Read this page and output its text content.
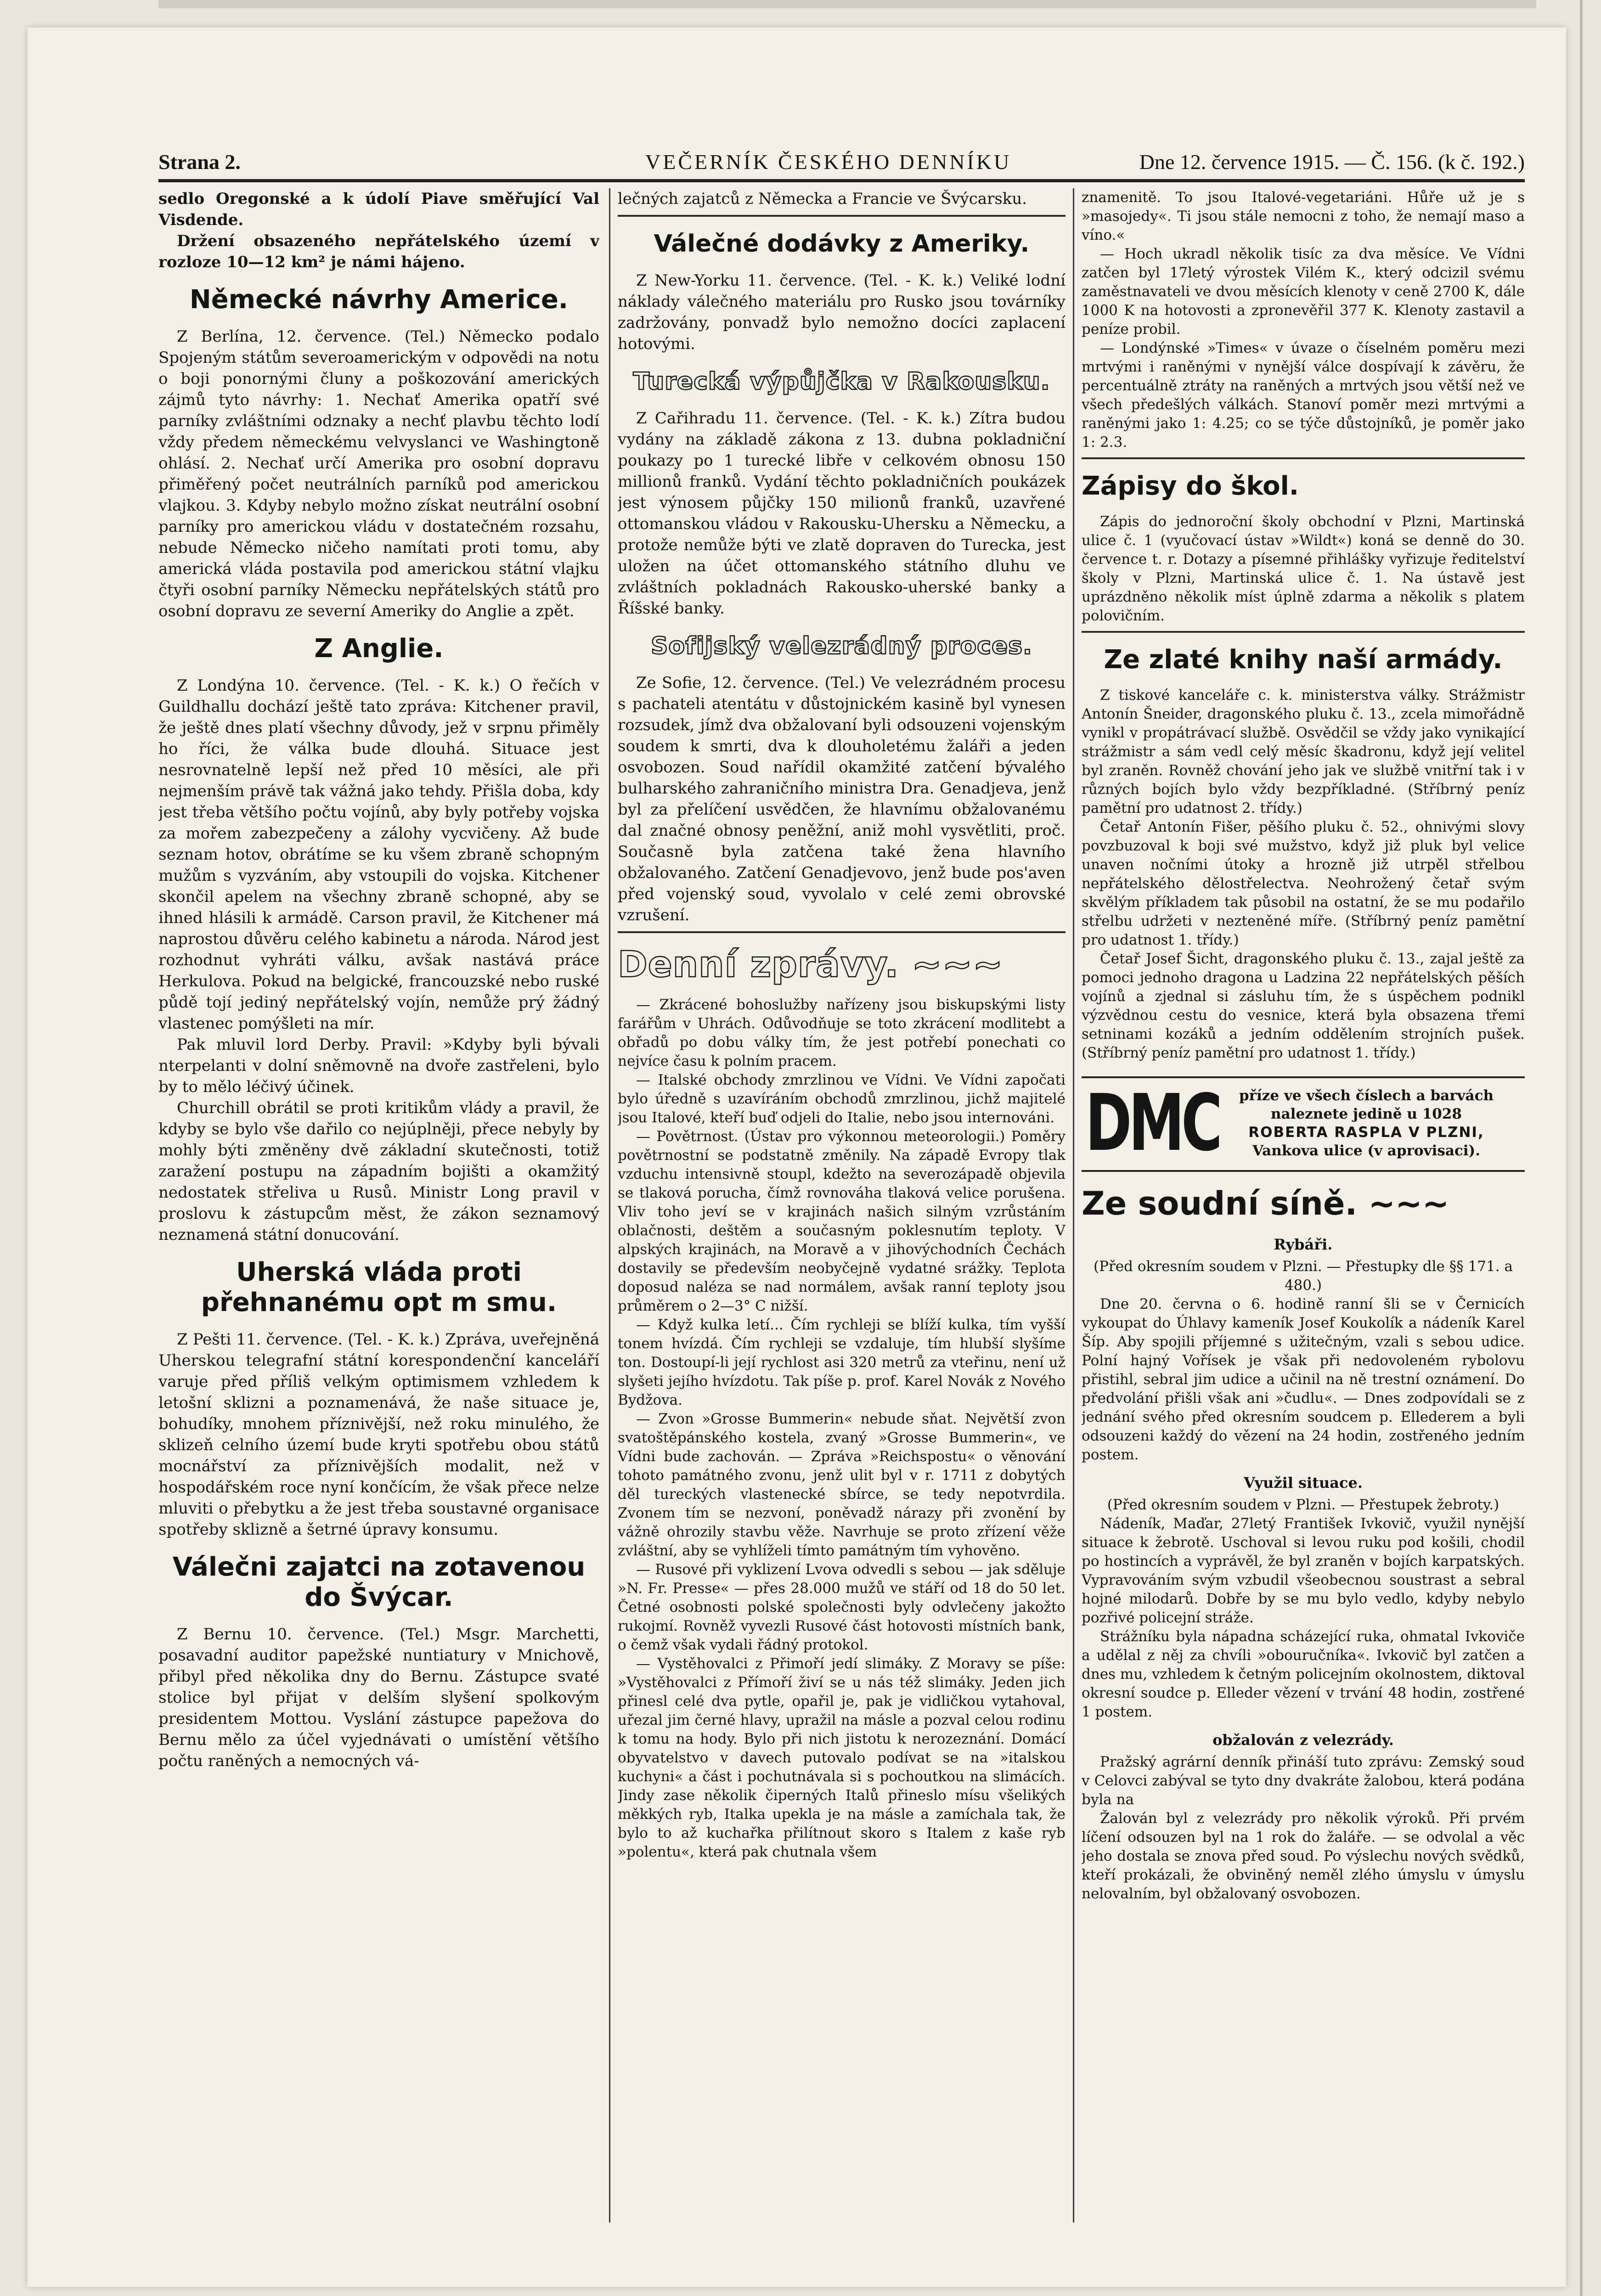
Strana 2.	VEČERNÍK ČESKÉHO DENNÍKU	Dne 12. července 1915. — Č. 156. (k č. 192.)

sedlo Oregonské a k údolí Piave směřující Val Visdende.

Držení obsazeného nepřátelského území v rozloze 10—12 km² je námi hájeno.

Německé návrhy Americe.

Z Berlína, 12. července. (Tel.) Německo podalo Spojeným státům severoamerickým v odpovědi na notu o boji ponornými čluny a poškozování amerických zájmů tyto návrhy: 1. Nechať Amerika opatří své parníky zvláštními odznaky a nechť plavbu těchto lodí vždy předem německému velvyslanci ve Washingtoně ohlásí. 2. Nechať určí Amerika pro osobní dopravu přiměřený počet neutrálních parníků pod americkou vlajkou. 3. Kdyby nebylo možno získat neutrální osobní parníky pro americkou vládu v dostatečném rozsahu, nebude Německo ničeho namítati proti tomu, aby americká vláda postavila pod americkou státní vlajku čtyři osobní parníky Německu nepřátelských států pro osobní dopravu ze severní Ameriky do Anglie a zpět.

Z Anglie.

Z Londýna 10. července. (Tel. - K. k.) O řečích v Guildhallu dochází ještě tato zpráva: Kitchener pravil, že ještě dnes platí všechny důvody, jež v srpnu přiměly ho říci, že válka bude dlouhá. Situace jest nesrovnatelně lepší než před 10 měsíci, ale při nejmenším právě tak vážná jako tehdy. Přišla doba, kdy jest třeba většího počtu vojínů, aby byly potřeby vojska za mořem zabezpečeny a zálohy vycvičeny. Až bude seznam hotov, obrátíme se ku všem zbraně schopným mužům s vyzváním, aby vstoupili do vojska. Kitchener skončil apelem na všechny zbraně schopné, aby se ihned hlásili k armádě. Carson pravil, že Kitchener má naprostou důvěru celého kabinetu a národa. Národ jest rozhodnut vyhráti válku, avšak nastává práce Herkulova. Pokud na belgické, francouzské nebo ruské půdě tojí jediný nepřátelský vojín, nemůže prý žádný vlastenec pomýšleti na mír.

Pak mluvil lord Derby. Pravil: »Kdyby byli bývali nterpelanti v dolní sněmovně na dvoře zastřeleni, bylo by to mělo léčivý účinek.

Churchill obrátil se proti kritikům vlády a pravil, že kdyby se bylo vše dařilo co nejúplněji, přece nebyly by mohly býti změněny dvě základní skutečnosti, totiž zaražení postupu na západním bojišti a okamžitý nedostatek střeliva u Rusů. Ministr Long pravil v proslovu k zástupcům měst, že zákon seznamový neznamená státní donucování.

Uherská vláda proti přehnanému opt m smu.

Z Pešti 11. července. (Tel. - K. k.) Zpráva, uveřejněná Uherskou telegrafní státní korespondenční kanceláří varuje před příliš velkým optimismem vzhledem k letošní sklizni a poznamenává, že naše situace je, bohudíky, mnohem příznivější, než roku minulého, že sklizeň celního území bude kryti spotřebu obou států mocnářství za příznivějších modalit, než v hospodářském roce nyní končícím, že však přece nelze mluviti o přebytku a že jest třeba soustavné organisace spotřeby sklizně a šetrné úpravy konsumu.

Válečni zajatci na zotavenou do Švýcar.

Z Bernu 10. července. (Tel.) Msgr. Marchetti, posavadní auditor papežské nuntiatury v Mnichově, přibyl před několika dny do Bernu. Zástupce svaté stolice byl přijat v delším slyšení spolkovým presidentem Mottou. Vyslání zástupce papežova do Bernu mělo za účel vyjednávati o umístění většího počtu raněných a nemocných vá-

lečných zajatců z Německa a Francie ve Švýcarsku.

Válečné dodávky z Ameriky.

Z New-Yorku 11. července. (Tel. - K. k.) Veliké lodní náklady válečného materiálu pro Rusko jsou továrníky zadržovány, ponvadž bylo nemožno docíci zaplacení hotovými.

Turecká výpůjčka v Rakousku.

Z Cařihradu 11. července. (Tel. - K. k.) Zítra budou vydány na základě zákona z 13. dubna pokladniční poukazy po 1 turecké libře v celkovém obnosu 150 millionů franků. Vydání těchto pokladničních poukázek jest výnosem půjčky 150 milionů franků, uzavřené ottomanskou vládou v Rakousku-Uhersku a Německu, a protože nemůže býti ve zlatě dopraven do Turecka, jest uložen na účet ottomanského státního dluhu ve zvláštních pokladnách Rakousko-uherské banky a Říšské banky.

Sofijský velezrádný proces.

Ze Sofie, 12. července. (Tel.) Ve velezrádném procesu s pachateli atentátu v důstojnickém kasině byl vynesen rozsudek, jímž dva obžalovaní byli odsouzeni vojenským soudem k smrti, dva k dlouholetému žaláři a jeden osvobozen. Soud nařídil okamžité zatčení bývalého bulharského zahraničního ministra Dra. Genadjeva, jenž byl za přelíčení usvědčen, že hlavnímu obžalovanému dal značné obnosy peněžní, aniž mohl vysvětliti, proč. Současně byla zatčena také žena hlavního obžalovaného. Zatčení Genadjevovo, jenž bude pos'aven před vojenský soud, vyvolalo v celé zemi obrovské vzrušení.

Denní zprávy. ~~~

— Zkrácené bohoslužby nařízeny jsou biskupskými listy farářům v Uhrách. Odůvodňuje se toto zkrácení modlitebt a obřadů po dobu války tím, že jest potřebí ponechati co nejvíce času k polním pracem.

— Italské obchody zmrzlinou ve Vídni. Ve Vídni započati bylo úředně s uzavíráním obchodů zmrzlinou, jichž majitelé jsou Italové, kteří buď odjeli do Italie, nebo jsou internováni.

— Povětrnost. (Ústav pro výkonnou meteorologii.) Poměry povětrnostní se podstatně změnily. Na západě Evropy tlak vzduchu intensivně stoupl, kdežto na severozápadě objevila se tlaková porucha, čímž rovnováha tlaková velice porušena. Vliv toho jeví se v krajinách našich silným vzrůstáním oblačnosti, deštěm a současným poklesnutím teploty. V alpských krajinách, na Moravě a v jihovýchodních Čechách dostavily se především neobyčejně vydatné srážky. Teplota doposud naléza se nad normálem, avšak ranní teploty jsou průměrem o 2—3° C nižší.

— Když kulka letí... Čím rychleji se blíží kulka, tím vyšší tonem hvízdá. Čím rychleji se vzdaluje, tím hlubší slyšíme ton. Dostoupí-li její rychlost asi 320 metrů za vteřinu, není už slyšeti jejího hvízdotu. Tak píše p. prof. Karel Novák z Nového Bydžova.

— Zvon »Grosse Bummerin« nebude sňat. Největší zvon svatoštěpánského kostela, zvaný »Grosse Bummerin«, ve Vídni bude zachován. — Zpráva »Reichspostu« o věnování tohoto památného zvonu, jenž ulit byl v r. 1711 z dobytých děl tureckých vlastenecké sbírce, se tedy nepotvrdila. Zvonem tím se nezvoní, poněvadž nárazy při zvonění by vážně ohrozily stavbu věže. Navrhuje se proto zřízení věže zvláštní, aby se vyhlíželi tímto památným tím vyhověno.

— Rusové při vyklizení Lvova odvedli s sebou — jak sděluje »N. Fr. Presse« — přes 28.000 mužů ve stáří od 18 do 50 let. Četné osobnosti polské společnosti byly odvlečeny jakožto rukojmí. Rovněž vyvezli Rusové část hotovosti místních bank, o čemž však vydali řádný protokol.

— Vystěhovalci z Přimoří jedí slimáky. Z Moravy se píše: »Vystěhovalci z Přímoří živí se u nás též slimáky. Jeden jich přinesl celé dva pytle, opařil je, pak je vidličkou vytahoval, uřezal jim černé hlavy, upražil na másle a pozval celou rodinu k tomu na hody. Bylo při nich jistotu k nerozeznání. Domácí obyvatelstvo v davech putovalo podívat se na »italskou kuchyni« a část i pochutnávala si s pochoutkou na slimácích. Jindy zase několik čiperných Italů přineslo mísu všelikých měkkých ryb, Italka upekla je na másle a zamíchala tak, že bylo to až kuchařka přilítnout skoro s Italem z kaše ryb »polentu«, která pak chutnala všem

znamenitě. To jsou Italové-vegetariáni. Hůře už je s »masojedy«. Ti jsou stále nemocni z toho, že nemají maso a víno.«

— Hoch ukradl několik tisíc za dva měsíce. Ve Vídni zatčen byl 17letý výrostek Vilém K., který odcizil svému zaměstnavateli ve dvou měsících klenoty v ceně 2700 K, dále 1000 K na hotovosti a zpronevěřil 377 K. Klenoty zastavil a peníze probil.

— Londýnské »Times« v úvaze o číselném poměru mezi mrtvými i raněnými v nynější válce dospívají k závěru, že percentuálně ztráty na raněných a mrtvých jsou větší než ve všech předešlých válkách. Stanoví poměr mezi mrtvými a raněnými jako 1: 4.25; co se týče důstojníků, je poměr jako 1: 2.3.

Zápisy do škol.

Zápis do jednoroční školy obchodní v Plzni, Martinská ulice č. 1 (vyučovací ústav »Wildt«) koná se denně do 30. července t. r. Dotazy a písemné přihlášky vyřizuje ředitelství školy v Plzni, Martinská ulice č. 1. Na ústavě jest uprázdněno několik míst úplně zdarma a několik s platem polovičním.

Ze zlaté knihy naší armády.

Z tiskové kanceláře c. k. ministerstva války. Strážmistr Antonín Šneider, dragonského pluku č. 13., zcela mimořádně vynikl v propátrávací službě. Osvědčil se vždy jako vynikající strážmistr a sám vedl celý měsíc škadronu, když její velitel byl zraněn. Rovněž chování jeho jak ve službě vnitřní tak i v různých bojích bylo vždy bezpříkladné. (Stříbrný peníz pamětní pro udatnost 2. třídy.)

Četař Antonín Fišer, pěšího pluku č. 52., ohnivými slovy povzbuzoval k boji své mužstvo, když již pluk byl velice unaven nočními útoky a hrozně již utrpěl střelbou nepřátelského dělostřelectva. Neohrožený četař svým skvělým příkladem tak působil na ostatní, že se mu podařilo střelbu udržeti v nezteněné míře. (Stříbrný peníz pamětní pro udatnost 1. třídy.)

Četař Josef Šicht, dragonského pluku č. 13., zajal ještě za pomoci jednoho dragona u Ladzina 22 nepřátelských pěších vojínů a zjednal si zásluhu tím, že s úspěchem podnikl výzvědnou cestu do vesnice, která byla obsazena třemi setninami kozáků a jedním oddělením strojních pušek. (Stříbrný peníz pamětní pro udatnost 1. třídy.)

DMC	příze ve všech číslech a barvách
naleznete jedině u 1028
ROBERTA RASPLA V PLZNI,
Vankova ulice (v aprovisaci).
Ze soudní síně. ~~~
Rybáři.

(Před okresním soudem v Plzni. — Přestupky dle §§ 171. a 480.)

Dne 20. června o 6. hodině ranní šli se v Černicích vykoupat do Úhlavy kameník Josef Koukolík a nádeník Karel Šíp. Aby spojili příjemné s užitečným, vzali s sebou udice. Polní hajný Vořísek je však při nedovoleném rybolovu přistihl, sebral jim udice a učinil na ně trestní oznámení. Do předvolání přišli však ani »čudlu«. — Dnes zodpovídali se z jednání svého před okresním soudcem p. Ellederem a byli odsouzeni každý do vězení na 24 hodin, zostřeného jedním postem.

Využil situace.

(Před okresním soudem v Plzni. — Přestupek žebroty.)

Nádeník, Maďar, 27letý František Ivkovič, využil nynější situace k žebrotě. Uschoval si levou ruku pod košili, chodil po hostincích a vyprávěl, že byl zraněn v bojích karpatských. Vypravováním svým vzbudil všeobecnou soustrast a sebral hojné milodarů. Dobře by se mu bylo vedlo, kdyby nebylo pozřivé policejní stráže.

Strážníku byla nápadna scházející ruka, ohmatal Ivkoviče a udělal z něj za chvíli »obouručníka«. Ivkovič byl zatčen a dnes mu, vzhledem k četným policejním okolnostem, diktoval okresní soudce p. Elleder vězení v trvání 48 hodin, zostřené 1 postem.

obžalován z velezrády.

Pražský agrární denník přináší tuto zprávu: Zemský soud v Celovci zabýval se tyto dny dvakráte žalobou, která podána byla na

Žalován byl z velezrády pro několik výroků. Při prvém líčení odsouzen byl na 1 rok do žaláře. — se odvolal a věc jeho dostala se znova před soud. Po výslechu nových svědků, kteří prokázali, že obviněný neměl zlého úmyslu v úmyslu nelovalním, byl obžalovaný osvobozen.
